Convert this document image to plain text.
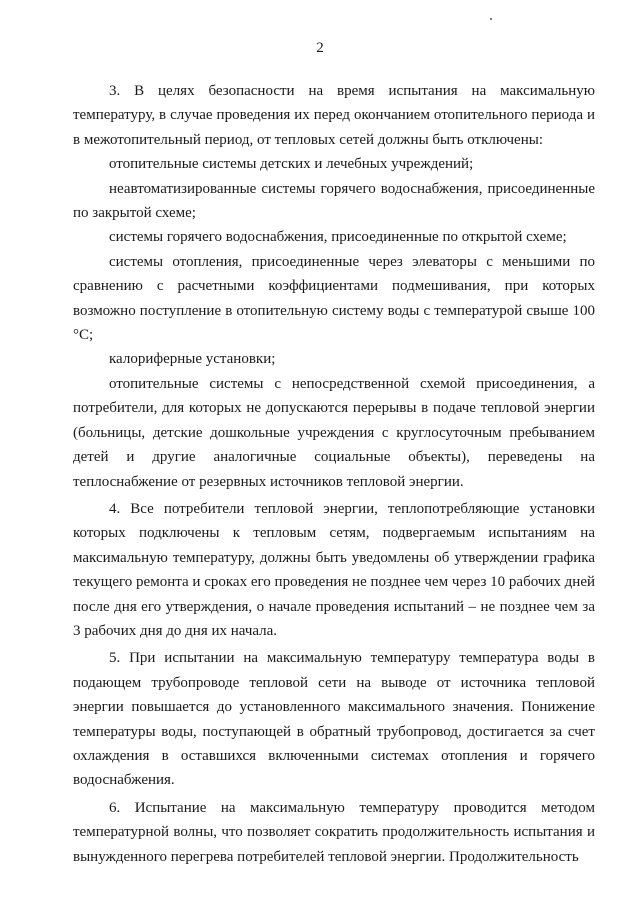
2

3. В целях безопасности на время испытания на максимальную температуру, в случае проведения их перед окончанием отопительного периода и в межотопительный период, от тепловых сетей должны быть отключены:

отопительные системы детских и лечебных учреждений;

неавтоматизированные системы горячего водоснабжения, присоединенные по закрытой схеме;

системы горячего водоснабжения, присоединенные по открытой схеме;

системы отопления, присоединенные через элеваторы с меньшими по сравнению с расчетными коэффициентами подмешивания, при которых возможно поступление в отопительную систему воды с температурой свыше 100 °С;

калориферные установки;

отопительные системы с непосредственной схемой присоединения, а потребители, для которых не допускаются перерывы в подаче тепловой энергии (больницы, детские дошкольные учреждения с круглосуточным пребыванием детей и другие аналогичные социальные объекты), переведены на теплоснабжение от резервных источников тепловой энергии.

4. Все потребители тепловой энергии, теплопотребляющие установки которых подключены к тепловым сетям, подвергаемым испытаниям на максимальную температуру, должны быть уведомлены об утверждении графика текущего ремонта и сроках его проведения не позднее чем через 10 рабочих дней после дня его утверждения, о начале проведения испытаний – не позднее чем за 3 рабочих дня до дня их начала.

5. При испытании на максимальную температуру температура воды в подающем трубопроводе тепловой сети на выводе от источника тепловой энергии повышается до установленного максимального значения. Понижение температуры воды, поступающей в обратный трубопровод, достигается за счет охлаждения в оставшихся включенными системах отопления и горячего водоснабжения.

6. Испытание на максимальную температуру проводится методом температурной волны, что позволяет сократить продолжительность испытания и вынужденного перегрева потребителей тепловой энергии. Продолжительность
